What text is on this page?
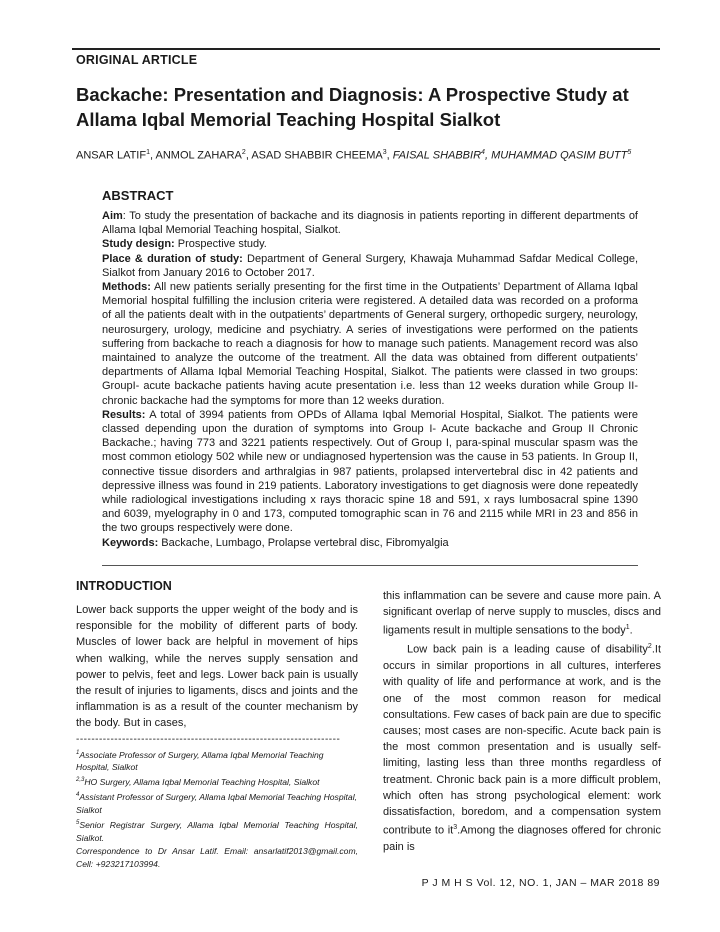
ORIGINAL ARTICLE
Backache: Presentation and Diagnosis: A Prospective Study at Allama Iqbal Memorial Teaching Hospital Sialkot
ANSAR LATIF$^1$, ANMOL ZAHARA$^2$, ASAD SHABBIR CHEEMA$^3$, FAISAL SHABBIR$^4$, MUHAMMAD QASIM BUTT$^5$
ABSTRACT

Aim: To study the presentation of backache and its diagnosis in patients reporting in different departments of Allama Iqbal Memorial Teaching hospital, Sialkot.

Study design: Prospective study.

Place & duration of study: Department of General Surgery, Khawaja Muhammad Safdar Medical College, Sialkot from January 2016 to October 2017.

Methods: All new patients serially presenting for the first time in the Outpatients’ Department of Allama Iqbal Memorial hospital fulfilling the inclusion criteria were registered. A detailed data was recorded on a proforma of all the patients dealt with in the outpatients’ departments of General surgery, orthopedic surgery, neurology, neurosurgery, urology, medicine and psychiatry. A series of investigations were performed on the patients suffering from backache to reach a diagnosis for how to manage such patients. Management record was also maintained to analyze the outcome of the treatment. All the data was obtained from different outpatients’ departments of Allama Iqbal Memorial Teaching Hospital, Sialkot. The patients were classed in two groups: GroupI- acute backache patients having acute presentation i.e. less than 12 weeks duration while Group II- chronic backache had the symptoms for more than 12 weeks duration.

Results: A total of 3994 patients from OPDs of Allama Iqbal Memorial Hospital, Sialkot. The patients were classed depending upon the duration of symptoms into Group I- Acute backache and Group II Chronic Backache.; having 773 and 3221 patients respectively. Out of Group I, para-spinal muscular spasm was the most common etiology 502 while new or undiagnosed hypertension was the cause in 53 patients. In Group II, connective tissue disorders and arthralgias in 987 patients, prolapsed intervertebral disc in 42 patients and depressive illness was found in 219 patients. Laboratory investigations to get diagnosis were done repeatedly while radiological investigations including x rays thoracic spine 18 and 591, x rays lumbosacral spine 1390 and 6039, myelography in 0 and 173, computed tomographic scan in 76 and 2115 while MRI in 23 and 856 in the two groups respectively were done.

Keywords: Backache, Lumbago, Prolapse vertebral disc, Fibromyalgia

INTRODUCTION

Lower back supports the upper weight of the body and is responsible for the mobility of different parts of body. Muscles of lower back are helpful in movement of hips when walking, while the nerves supply sensation and power to pelvis, feet and legs. Lower back pain is usually the result of injuries to ligaments, discs and joints and the inflammation is as a result of the counter mechanism by the body. But in cases,

---------------------------------------------------------------------

$^1$Associate Professor of Surgery, Allama Iqbal Memorial Teaching Hospital, Sialkot

$^{2,3}$HO Surgery, Allama Iqbal Memorial Teaching Hospital, Sialkot

$^4$Assistant Professor of Surgery, Allama Iqbal Memorial Teaching Hospital, Sialkot

$^5$Senior Registrar Surgery, Allama Iqbal Memorial Teaching Hospital, Sialkot.

Correspondence to Dr Ansar Latif. Email: ansarlatif2013@gmail.com, Cell: +923217103994.

this inflammation can be severe and cause more pain. A significant overlap of nerve supply to muscles, discs and ligaments result in multiple sensations to the body$^1$.

Low back pain is a leading cause of disability$^2$.It occurs in similar proportions in all cultures, interferes with quality of life and performance at work, and is the one of the most common reason for medical consultations. Few cases of back pain are due to specific causes; most cases are non-specific. Acute back pain is the most common presentation and is usually self-limiting, lasting less than three months regardless of treatment. Chronic back pain is a more difficult problem, which often has strong psychological element: work dissatisfaction, boredom, and a compensation system contribute to $it^3.Among$ the diagnoses offered for chronic pain is

P J M H S Vol. 12, NO. 1, JAN – MAR 2018 89
